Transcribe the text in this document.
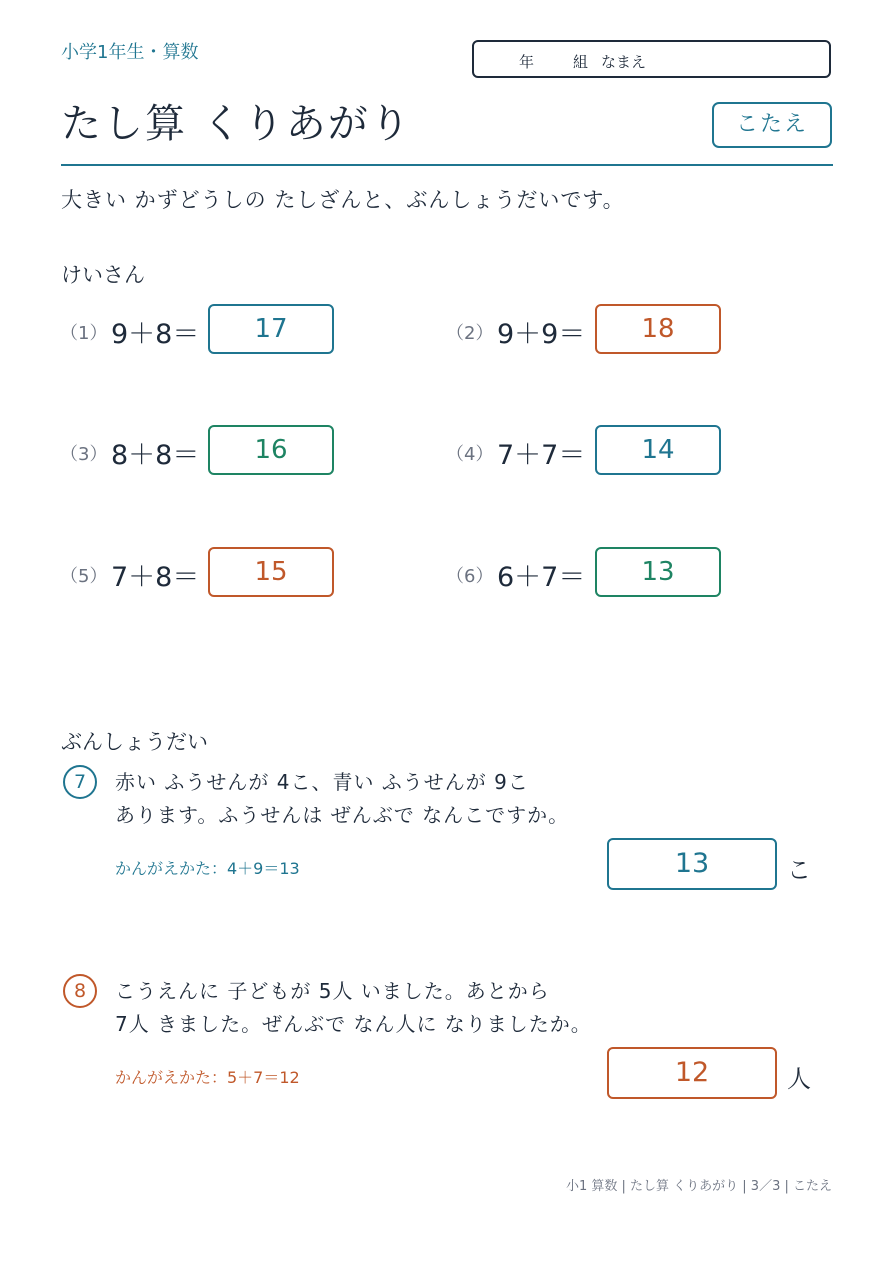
小学1年生・算数	年	組 なまえ
たし算 くりあがり	こたえ
大きい かずどうしの たしざんと、ぶんしょうだいです。
けいさん
（1） 9＋8＝	17	（2） 9＋9＝	18
（3） 8＋8＝	16	（4） 7＋7＝	14
（5） 7＋8＝	15	（6） 6＋7＝	13
ぶんしょうだい
7	赤い ふうせんが 4こ、青い ふうせんが 9こ
あります。ふうせんは ぜんぶで なんこですか。
かんがえかた：4＋9＝13	13	こ
8	こうえんに 子どもが 5人 いました。あとから
7人 きました。ぜんぶで なん人に なりましたか。
かんがえかた：5＋7＝12	12	人
小1 算数 | たし算 くりあがり | 3／3 | こたえ
